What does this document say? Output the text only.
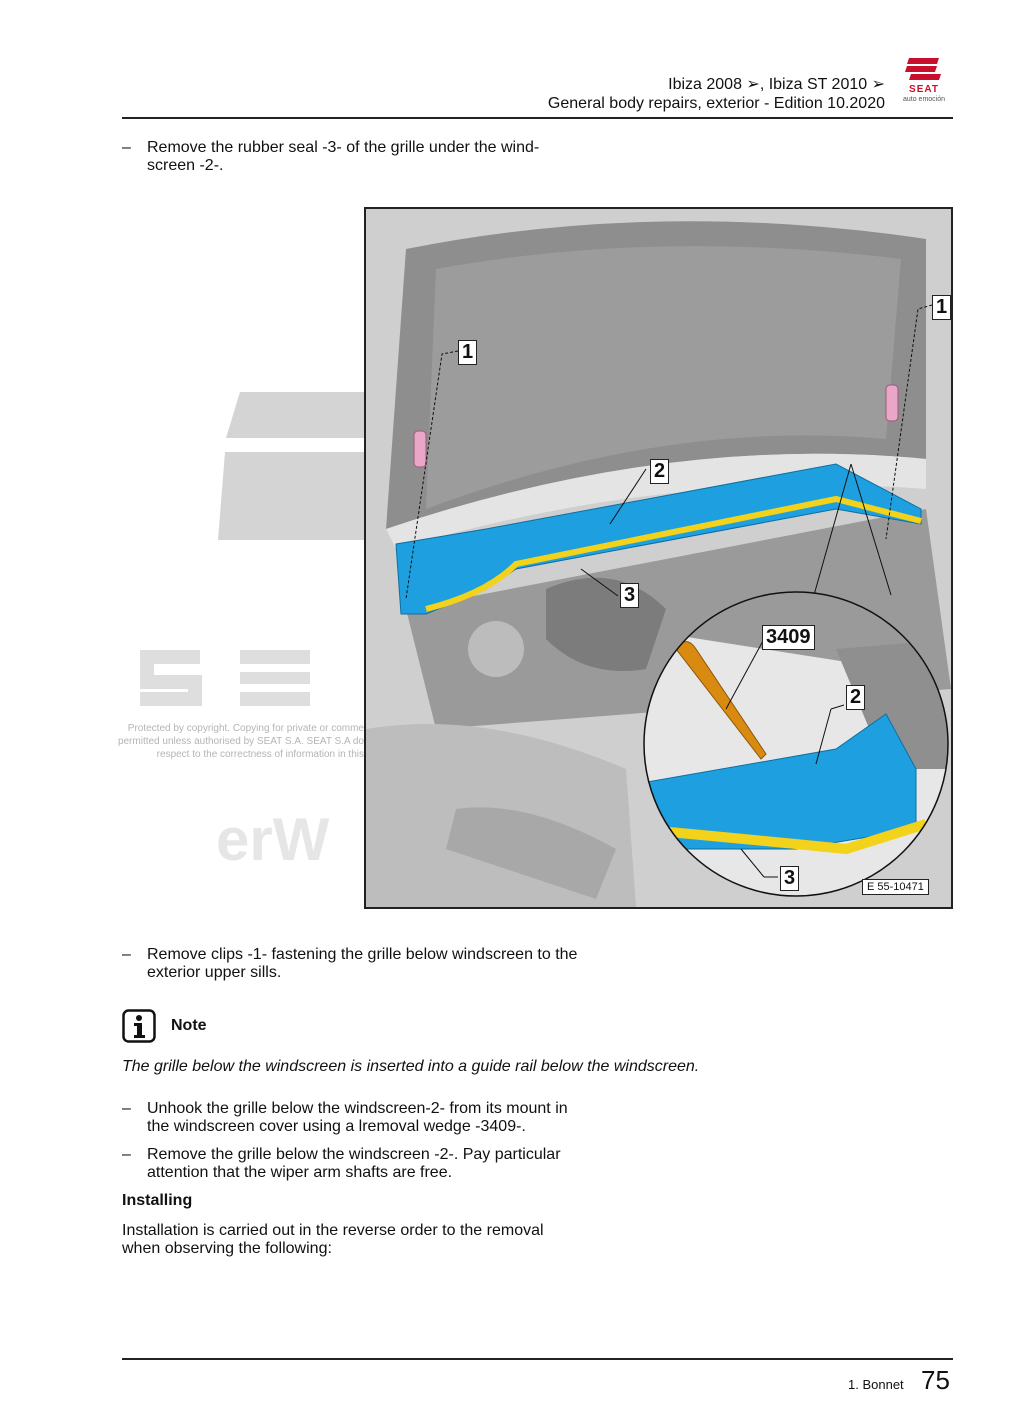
Ibiza 2008 ➢, Ibiza ST 2010 ➢
General body repairs, exterior - Edition 10.2020
SEAT
auto emoción
– Remove the rubber seal -3- of the grille under the wind-
screen -2-.
erW
Protected by copyright. Copying for private or comme
permitted unless authorised by SEAT S.A. SEAT S.A do
respect to the correctness of information in this
1
1
2
3
3409
2
3	E 55-10471
– Remove clips -1- fastening the grille below windscreen to the
exterior upper sills.
Note
The grille below the windscreen is inserted into a guide rail below the windscreen.
– Unhook the grille below the windscreen-2- from its mount in
the windscreen cover using a lremoval wedge -3409-.
– Remove the grille below the windscreen -2-. Pay particular
attention that the wiper arm shafts are free.
Installing
Installation is carried out in the reverse order to the removal
when observing the following:
1. Bonnet 75
